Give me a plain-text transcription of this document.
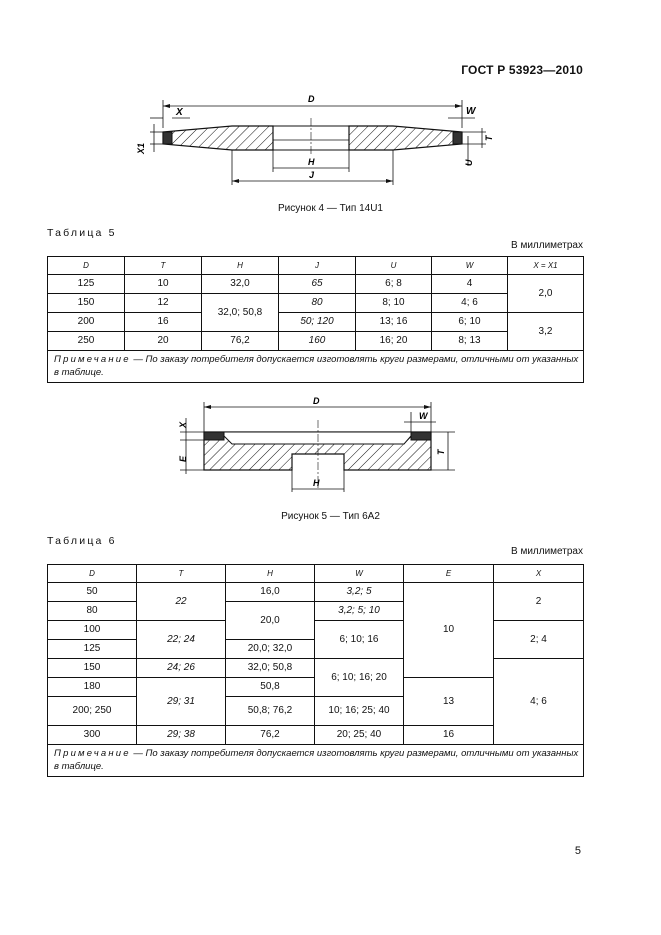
ГОСТ Р 53923—2010
D
X	W
X1
T
U
H
J
Рисунок 4 — Тип 14U1
Таблица 5
В миллиметрах
D	T	H	J	U	W	X = X1
125	10	32,0	65	6; 8	4	2,0
150	12	32,0; 50,8	80	8; 10	4; 6	
200	16		50; 120	13; 16	6; 10	3,2
250	20	76,2	160	16; 20	8; 13	
Примечание — По заказу потребителя допускается изготовлять круги размерами, отличными от указанных в таблице.						
D
W
X
E
T
H
Рисунок 5 — Тип 6A2
Таблица 6
В миллиметрах
D	T	H	W	E	X
50	22	16,0	3,2; 5	10	2
80		20,0	3,2; 5; 10		
100	22; 24		6; 10; 16		2; 4
125		20,0; 32,0			
150	24; 26	32,0; 50,8	6; 10; 16; 20		4; 6
180	29; 31	50,8		13	
200; 250		50,8; 76,2	10; 16; 25; 40		
300	29; 38	76,2	20; 25; 40	16	
Примечание — По заказу потребителя допускается изготовлять круги размерами, отличными от указанных в таблице.					
5
